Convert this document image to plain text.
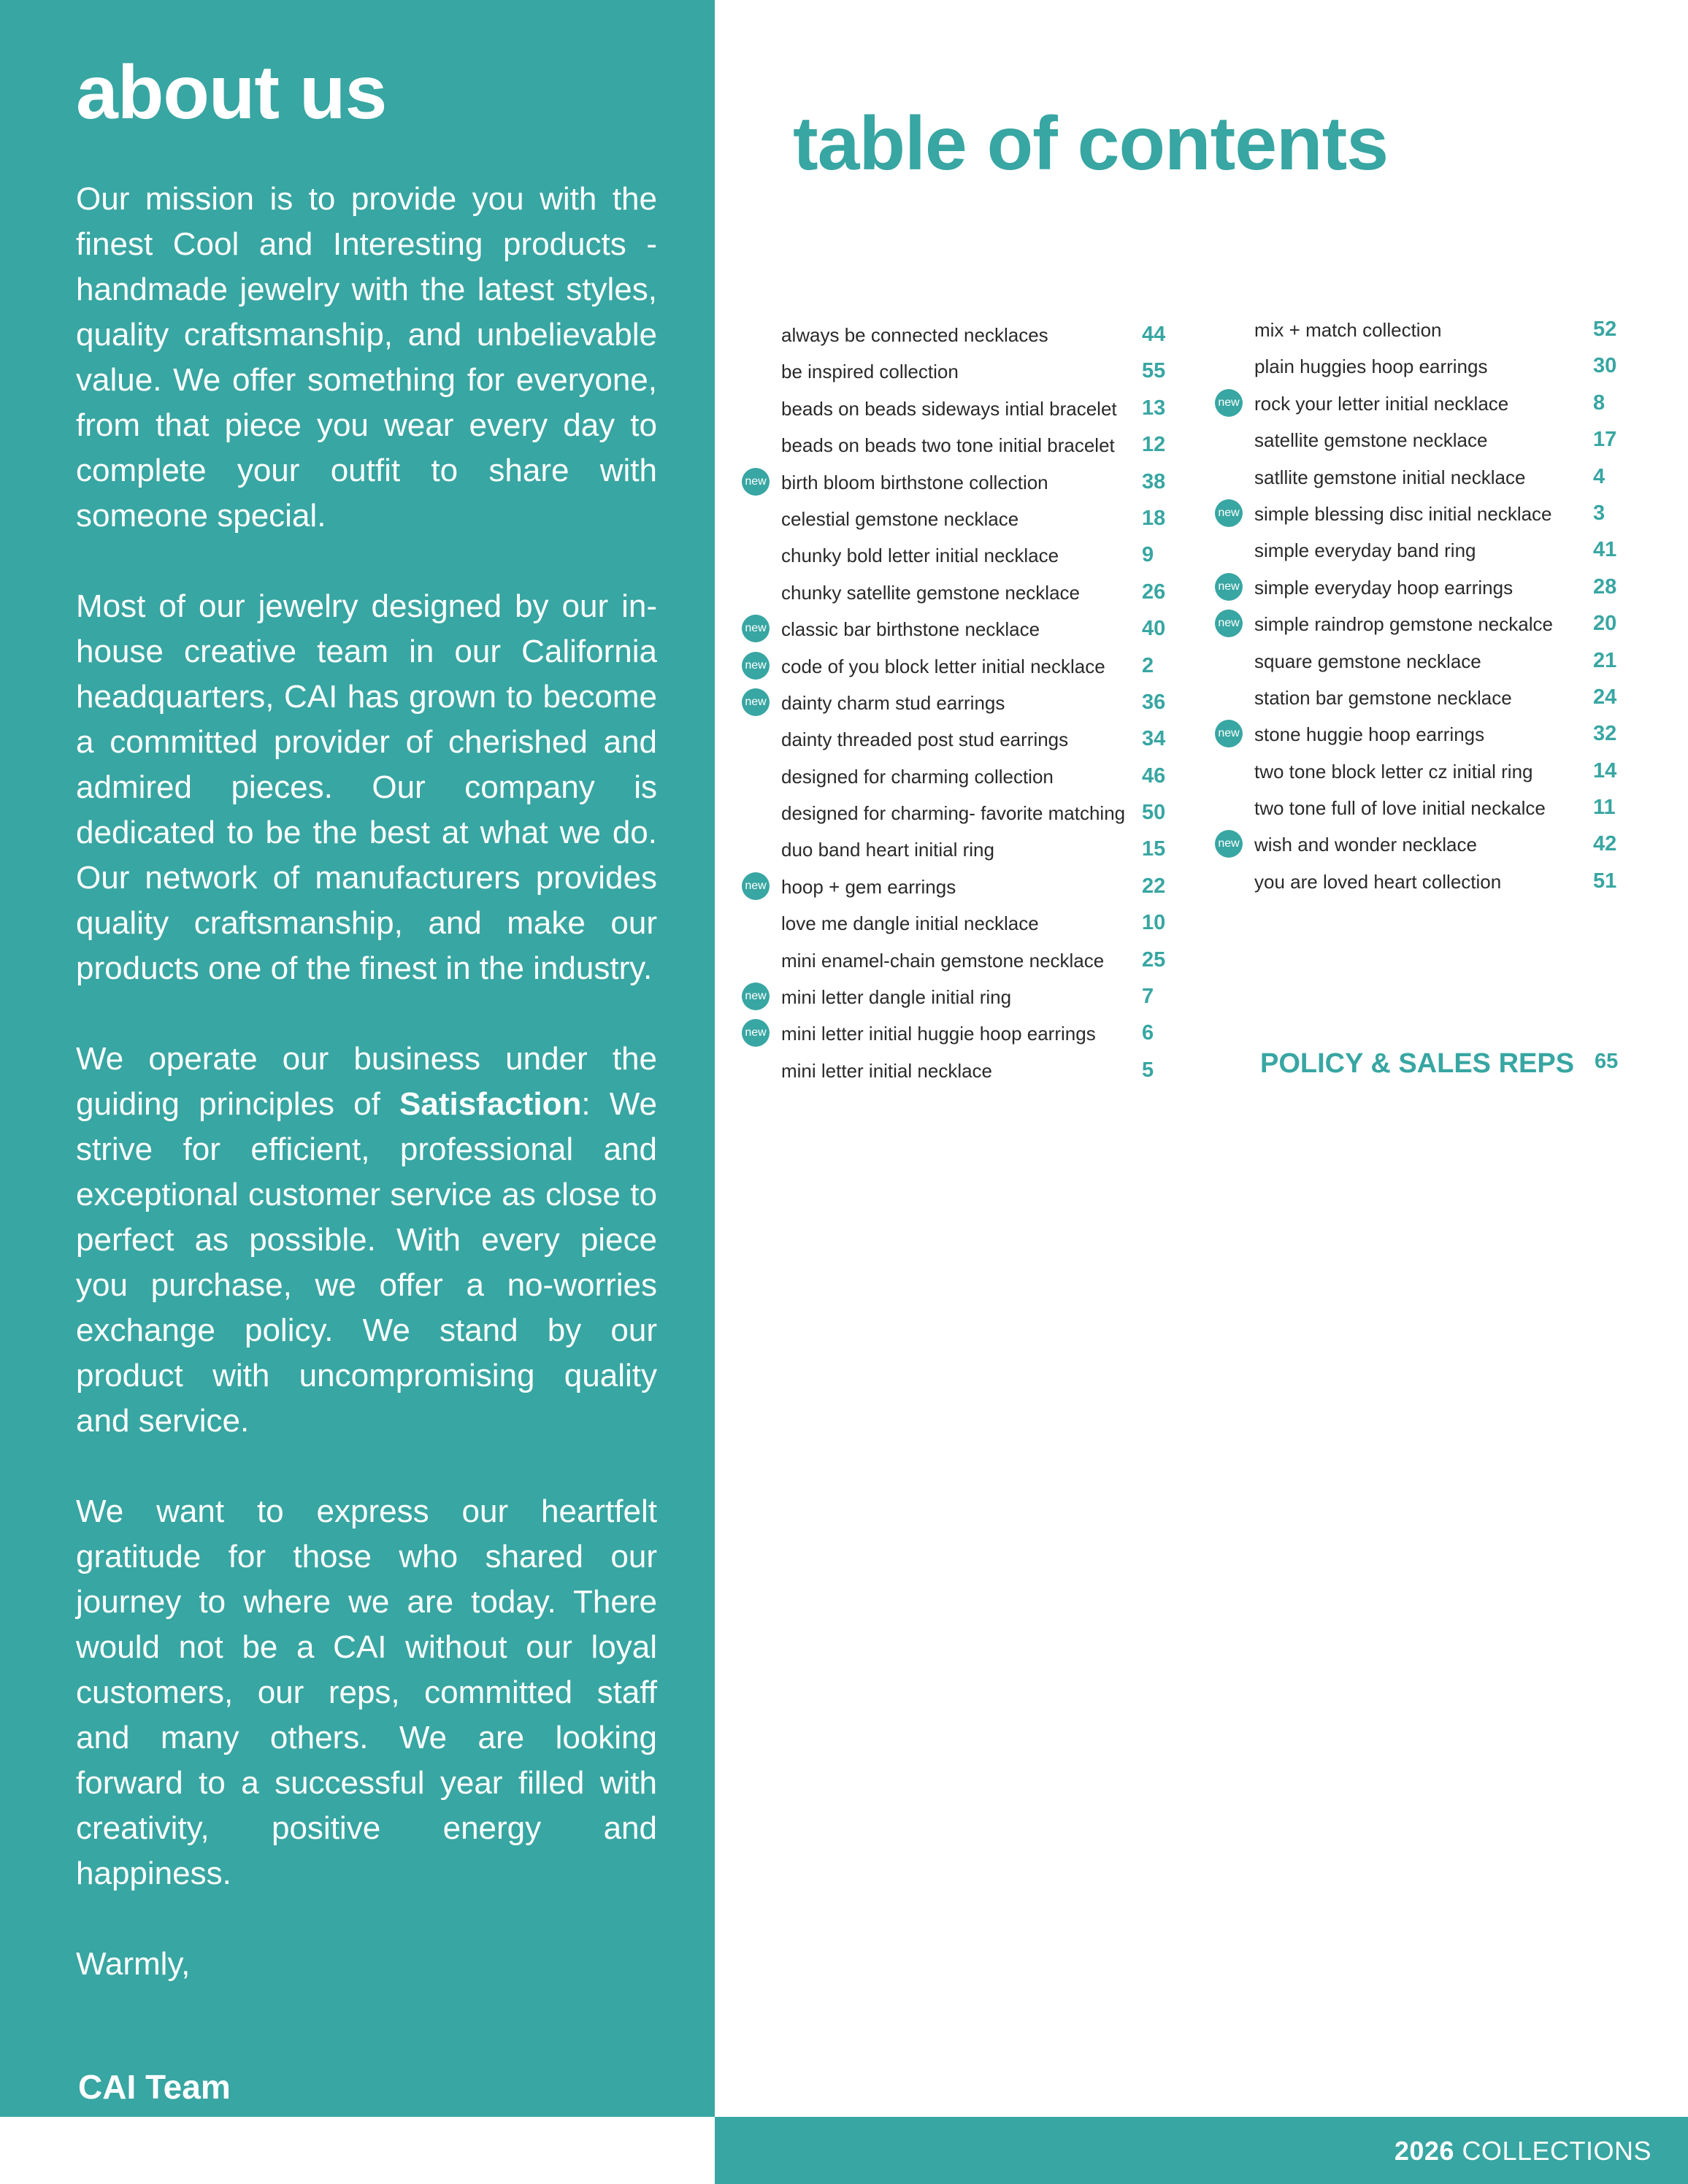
about us

Our mission is to provide you with the finest Cool and Interesting products - handmade jewelry with the latest styles, quality craftsmanship, and unbelievable value. We offer something for everyone, from that piece you wear every day to complete your outfit to share with someone special.

Most of our jewelry designed by our in-house creative team in our California headquarters, CAI has grown to become a committed provider of cherished and admired pieces. Our company is dedicated to be the best at what we do. Our network of manufacturers provides quality craftsmanship, and make our products one of the finest in the industry.

We operate our business under the guiding principles of Satisfaction: We strive for efficient, professional and exceptional customer service as close to perfect as possible. With every piece you purchase, we offer a no-worries exchange policy. We stand by our product with uncompromising quality and service.

We want to express our heartfelt gratitude for those who shared our journey to where we are today. There would not be a CAI without our loyal customers, our reps, committed staff and many others. We are looking forward to a successful year filled with creativity, positive energy and happiness.

Warmly,

CAI Team
table of contents
always be connected necklaces	44
be inspired collection	55
beads on beads sideways intial bracelet 13
beads on beads two tone initial bracelet 12
new birth bloom birthstone collection	38
celestial gemstone necklace	18
chunky bold letter initial necklace	9
chunky satellite gemstone necklace	26
new classic bar birthstone necklace	40
new code of you block letter initial necklace 2
new dainty charm stud earrings	36
dainty threaded post stud earrings	34
designed for charming collection	46
designed for charming- favorite matching 50
duo band heart initial ring	15
new hoop + gem earrings	22
love me dangle initial necklace	10
mini enamel-chain gemstone necklace 25
new mini letter dangle initial ring	7
new mini letter initial huggie hoop earrings 6
mini letter initial necklace	5
mix + match collection	52
plain huggies hoop earrings	30
new rock your letter initial necklace	8
satellite gemstone necklace	17
satllite gemstone initial necklace	4
new simple blessing disc initial necklace 3
simple everyday band ring	41
new simple everyday hoop earrings	28
new simple raindrop gemstone neckalce 20
square gemstone necklace	21
station bar gemstone necklace	24
new stone huggie hoop earrings	32
two tone block letter cz initial ring	14
two tone full of love initial neckalce 11
new wish and wonder necklace	42
you are loved heart collection	51
POLICY & SALES REPS 65
2026 COLLECTIONS
